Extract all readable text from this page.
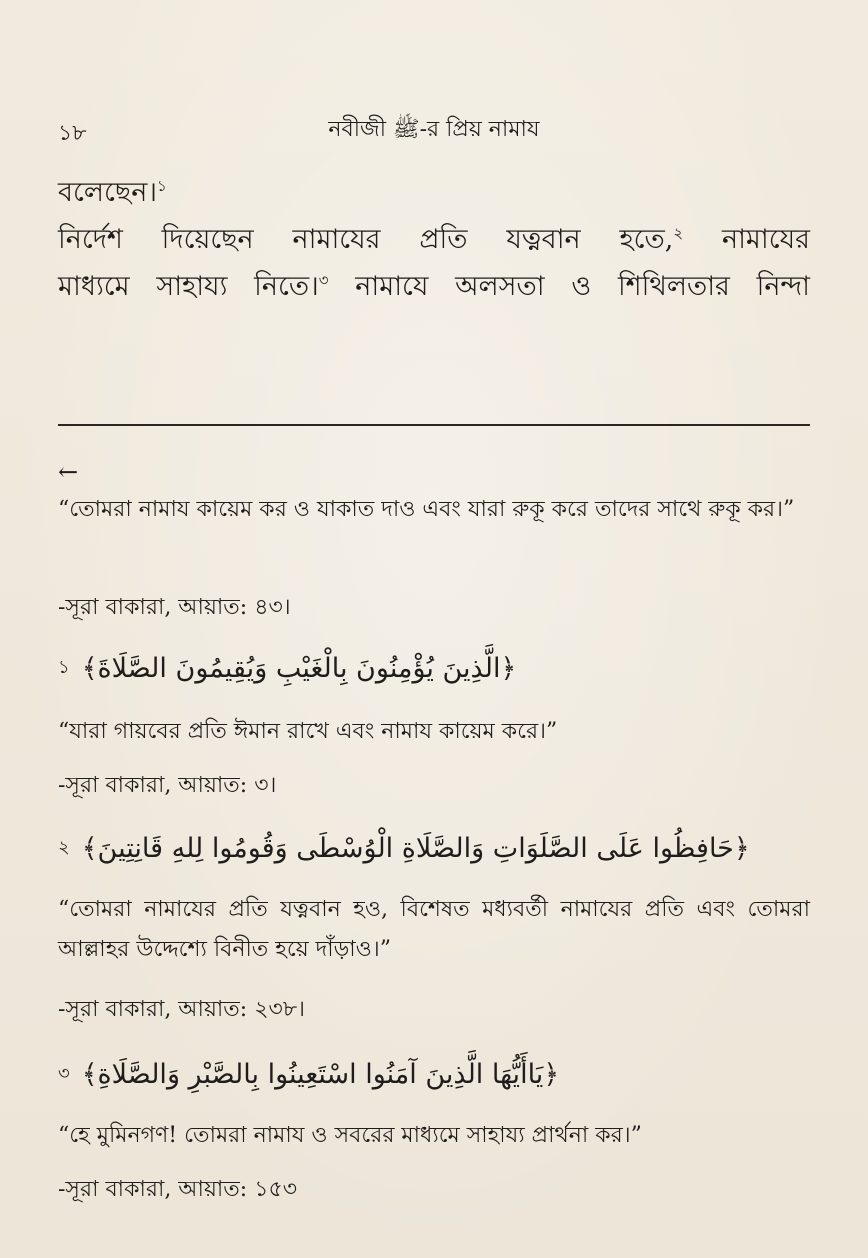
১৮	নবীজী ﷺ-র প্রিয় নামায
বলেছেন।$^১$
নির্দেশ দিয়েছেন নামাযের প্রতি যত্নবান হতে,$^২$ নামাযের
মাধ্যমে সাহায্য নিতে।$^৩$ নামাযে অলসতা ও শিথিলতার নিন্দা
←
“তোমরা নামায কায়েম কর ও যাকাত দাও এবং যারা রুকূ করে তাদের সাথে রুকূ কর।”
-সূরা বাকারা, আয়াত: ৪৩।
১ ﴿الَّذِينَ يُؤْمِنُونَ بِالْغَيْبِ وَيُقِيمُونَ الصَّلَاةَ﴾
“যারা গায়বের প্রতি ঈমান রাখে এবং নামায কায়েম করে।”
-সূরা বাকারা, আয়াত: ৩।
২ ﴿حَافِظُوا عَلَى الصَّلَوَاتِ وَالصَّلَاةِ الْوُسْطَى وَقُومُوا لِلهِ قَانِتِينَ﴾
“তোমরা নামাযের প্রতি যত্নবান হও, বিশেষত মধ্যবর্তী নামাযের প্রতি এবং তোমরা আল্লাহর উদ্দেশ্যে বিনীত হয়ে দাঁড়াও।”
-সূরা বাকারা, আয়াত: ২৩৮।
৩ ﴿يَاأَيُّهَا الَّذِينَ آمَنُوا اسْتَعِينُوا بِالصَّبْرِ وَالصَّلَاةِ﴾
“হে মুমিনগণ! তোমরা নামায ও সবরের মাধ্যমে সাহায্য প্রার্থনা কর।”
-সূরা বাকারা, আয়াত: ১৫৩
